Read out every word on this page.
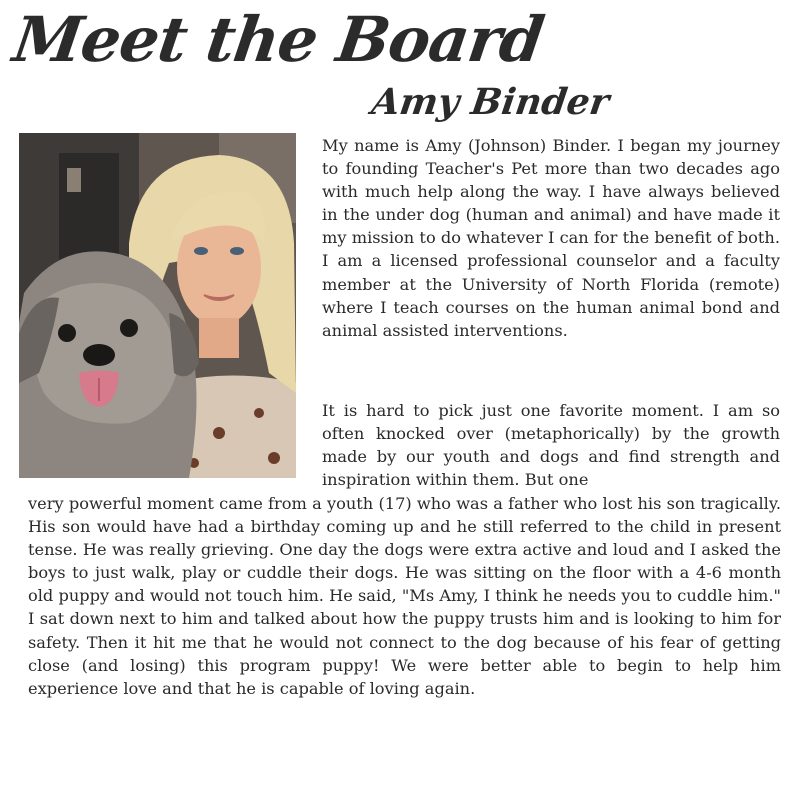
Meet the Board
Amy Binder

My name is Amy (Johnson) Binder. I began my journey to founding Teacher's Pet more than two decades ago with much help along the way. I have always believed in the under dog (human and animal) and have made it my mission to do whatever I can for the benefit of both. I am a licensed professional counselor and a faculty member at the University of North Florida (remote) where I teach courses on the human animal bond and animal assisted interventions.

It is hard to pick just one favorite moment. I am so often knocked over (metaphorically) by the growth made by our youth and dogs and find strength and inspiration within them. But one

very powerful moment came from a youth (17) who was a father who lost his son tragically. His son would have had a birthday coming up and he still referred to the child in present tense. He was really grieving. One day the dogs were extra active and loud and I asked the boys to just walk, play or cuddle their dogs. He was sitting on the floor with a 4-6 month old puppy and would not touch him. He said, "Ms Amy, I think he needs you to cuddle him." I sat down next to him and talked about how the puppy trusts him and is looking to him for safety. Then it hit me that he would not connect to the dog because of his fear of getting close (and losing) this program puppy! We were better able to begin to help him experience love and that he is capable of loving again.
